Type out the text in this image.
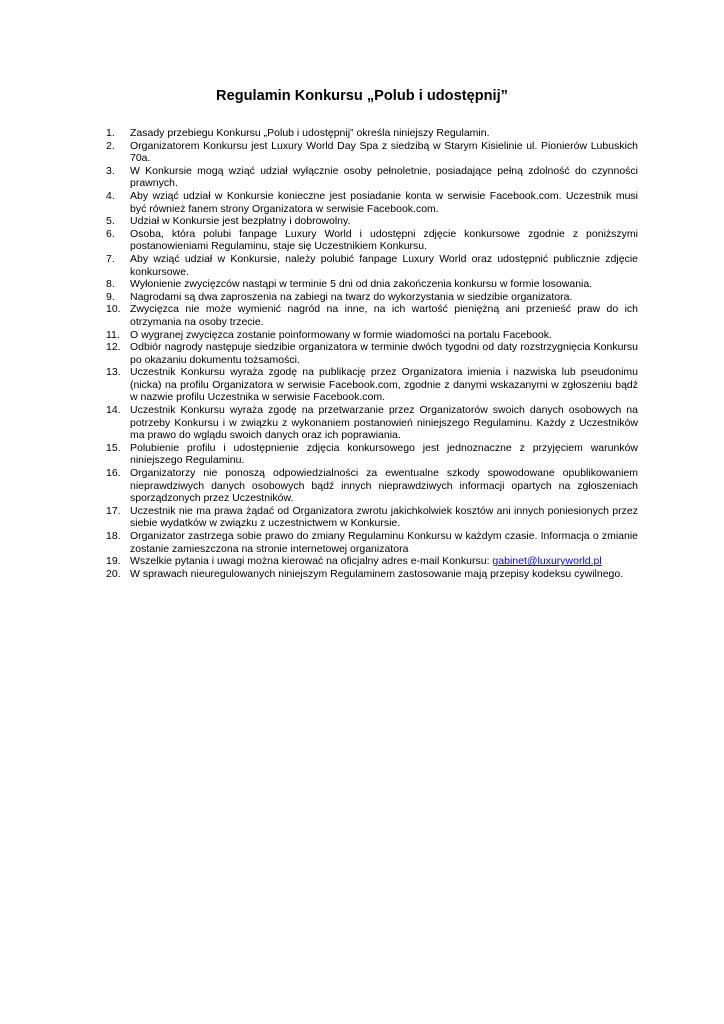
Regulamin Konkursu „Polub i udostępnij”
1.	Zasady przebiegu Konkursu „Polub i udostępnij” określa niniejszy Regulamin.
2.	Organizatorem Konkursu jest Luxury World Day Spa z siedzibą w Starym Kisielinie ul. Pionierów Lubuskich 70a.
3.	W Konkursie mogą wziąć udział wyłącznie osoby pełnoletnie, posiadające pełną zdolność do czynności prawnych.
4.	Aby wziąć udział w Konkursie konieczne jest posiadanie konta w serwisie Facebook.com. Uczestnik musi być również fanem strony Organizatora w serwisie Facebook.com.
5.	Udział w Konkursie jest bezpłatny i dobrowolny.
6.	Osoba, która polubi fanpage Luxury World i udostępni zdjęcie konkursowe zgodnie z poniższymi postanowieniami Regulaminu, staje się Uczestnikiem Konkursu.
7.	Aby wziąć udział w Konkursie, należy polubić fanpage Luxury World oraz udostępnić publicznie zdjęcie konkursowe.
8.	Wyłonienie zwycięzców nastąpi w terminie 5 dni od dnia zakończenia konkursu w formie losowania.
9.	Nagrodami są dwa zaproszenia na zabiegi na twarz do wykorzystania w siedzibie organizatora.
10. Zwycięzca nie może wymienić nagród na inne, na ich wartość pieniężną ani przenieść praw do ich otrzymania na osoby trzecie.
11. O wygranej zwycięzca zostanie poinformowany w formie wiadomości na portalu Facebook.
12. Odbiór nagrody następuje siedzibie organizatora w terminie dwóch tygodni od daty rozstrzygnięcia Konkursu po okazaniu dokumentu tożsamości.
13. Uczestnik Konkursu wyraża zgodę na publikację przez Organizatora imienia i nazwiska lub pseudonimu (nicka) na profilu Organizatora w serwisie Facebook.com, zgodnie z danymi wskazanymi w zgłoszeniu bądź w nazwie profilu Uczestnika w serwisie Facebook.com.
14. Uczestnik Konkursu wyraża zgodę na przetwarzanie przez Organizatorów swoich danych osobowych na potrzeby Konkursu i w związku z wykonaniem postanowień niniejszego Regulaminu. Każdy z Uczestników ma prawo do wglądu swoich danych oraz ich poprawiania.
15. Polubienie profilu i udostępnienie zdjęcia konkursowego jest jednoznaczne z przyjęciem warunków niniejszego Regulaminu.
16. Organizatorzy nie ponoszą odpowiedzialności za ewentualne szkody spowodowane opublikowaniem nieprawdziwych danych osobowych bądź innych nieprawdziwych informacji opartych na zgłoszeniach sporządzonych przez Uczestników.
17. Uczestnik nie ma prawa żądać od Organizatora zwrotu jakichkolwiek kosztów ani innych poniesionych przez siebie wydatków w związku z uczestnictwem w Konkursie.
18. Organizator zastrzega sobie prawo do zmiany Regulaminu Konkursu w każdym czasie. Informacja o zmianie zostanie zamieszczona na stronie internetowej organizatora
19. Wszelkie pytania i uwagi można kierować na oficjalny adres e-mail Konkursu: gabinet@luxuryworld.pl
20. W sprawach nieuregulowanych niniejszym Regulaminem zastosowanie mają przepisy kodeksu cywilnego.
